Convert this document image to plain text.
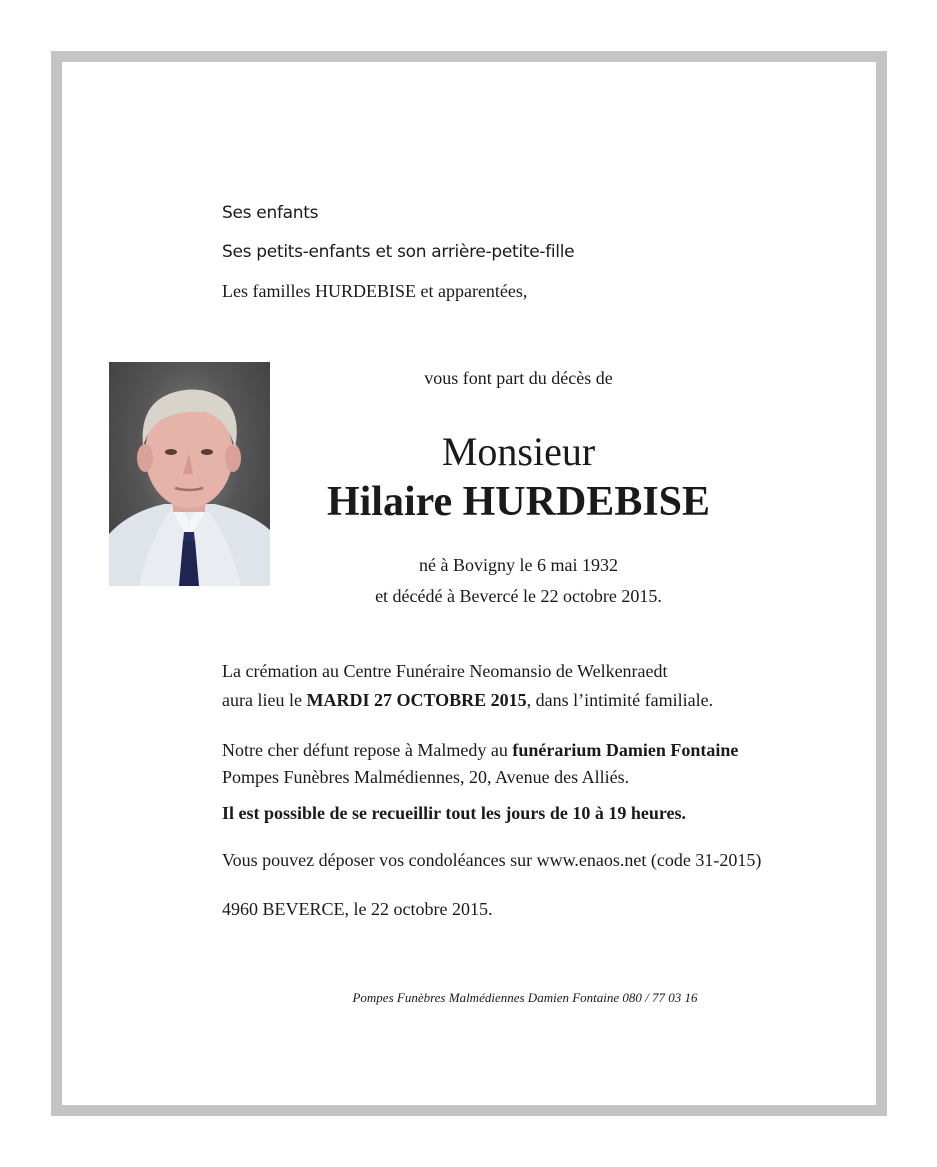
Ses enfants
Ses petits-enfants et son arrière-petite-fille
Les familles HURDEBISE et apparentées,
vous font part du décès de
Monsieur
Hilaire HURDEBISE
né à Bovigny le 6 mai 1932
et décédé à Bevercé le 22 octobre 2015.
La crémation au Centre Funéraire Neomansio de Welkenraedt
aura lieu le MARDI 27 OCTOBRE 2015, dans l’intimité familiale.
Notre cher défunt repose à Malmedy au funérarium Damien Fontaine
Pompes Funèbres Malmédiennes, 20, Avenue des Alliés.
Il est possible de se recueillir tout les jours de 10 à 19 heures.
Vous pouvez déposer vos condoléances sur www.enaos.net (code 31-2015)
4960 BEVERCE, le 22 octobre 2015.
Pompes Funèbres Malmédiennes Damien Fontaine 080 / 77 03 16
